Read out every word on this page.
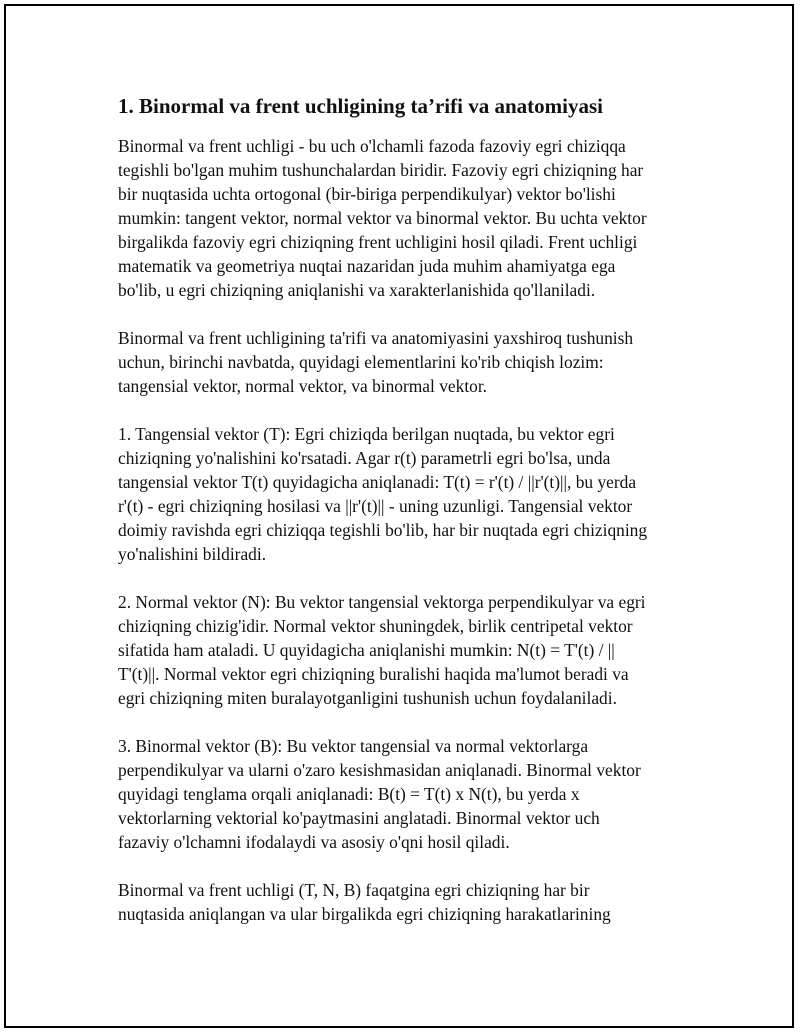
1. Binormal va frent uchligining ta’rifi va anatomiyasi
Binormal va frent uchligi - bu uch o'lchamli fazoda fazoviy egri chiziqqa
tegishli bo'lgan muhim tushunchalardan biridir. Fazoviy egri chiziqning har
bir nuqtasida uchta ortogonal (bir-biriga perpendikulyar) vektor bo'lishi
mumkin: tangent vektor, normal vektor va binormal vektor. Bu uchta vektor
birgalikda fazoviy egri chiziqning frent uchligini hosil qiladi. Frent uchligi
matematik va geometriya nuqtai nazaridan juda muhim ahamiyatga ega
bo'lib, u egri chiziqning aniqlanishi va xarakterlanishida qo'llaniladi.
Binormal va frent uchligining ta'rifi va anatomiyasini yaxshiroq tushunish
uchun, birinchi navbatda, quyidagi elementlarini ko'rib chiqish lozim:
tangensial vektor, normal vektor, va binormal vektor.
1. Tangensial vektor (T): Egri chiziqda berilgan nuqtada, bu vektor egri
chiziqning yo'nalishini ko'rsatadi. Agar r(t) parametrli egri bo'lsa, unda
tangensial vektor T(t) quyidagicha aniqlanadi: T(t) = r'(t) / ||r'(t)||, bu yerda
r'(t) - egri chiziqning hosilasi va ||r'(t)|| - uning uzunligi. Tangensial vektor
doimiy ravishda egri chiziqqa tegishli bo'lib, har bir nuqtada egri chiziqning
yo'nalishini bildiradi.
2. Normal vektor (N): Bu vektor tangensial vektorga perpendikulyar va egri
chiziqning chizig'idir. Normal vektor shuningdek, birlik centripetal vektor
sifatida ham ataladi. U quyidagicha aniqlanishi mumkin: N(t) = T'(t) / ||
T'(t)||. Normal vektor egri chiziqning buralishi haqida ma'lumot beradi va
egri chiziqning miten buralayotganligini tushunish uchun foydalaniladi.
3. Binormal vektor (B): Bu vektor tangensial va normal vektorlarga
perpendikulyar va ularni o'zaro kesishmasidan aniqlanadi. Binormal vektor
quyidagi tenglama orqali aniqlanadi: B(t) = T(t) x N(t), bu yerda x
vektorlarning vektorial ko'paytmasini anglatadi. Binormal vektor uch
fazaviy o'lchamni ifodalaydi va asosiy o'qni hosil qiladi.
Binormal va frent uchligi (T, N, B) faqatgina egri chiziqning har bir
nuqtasida aniqlangan va ular birgalikda egri chiziqning harakatlarining
